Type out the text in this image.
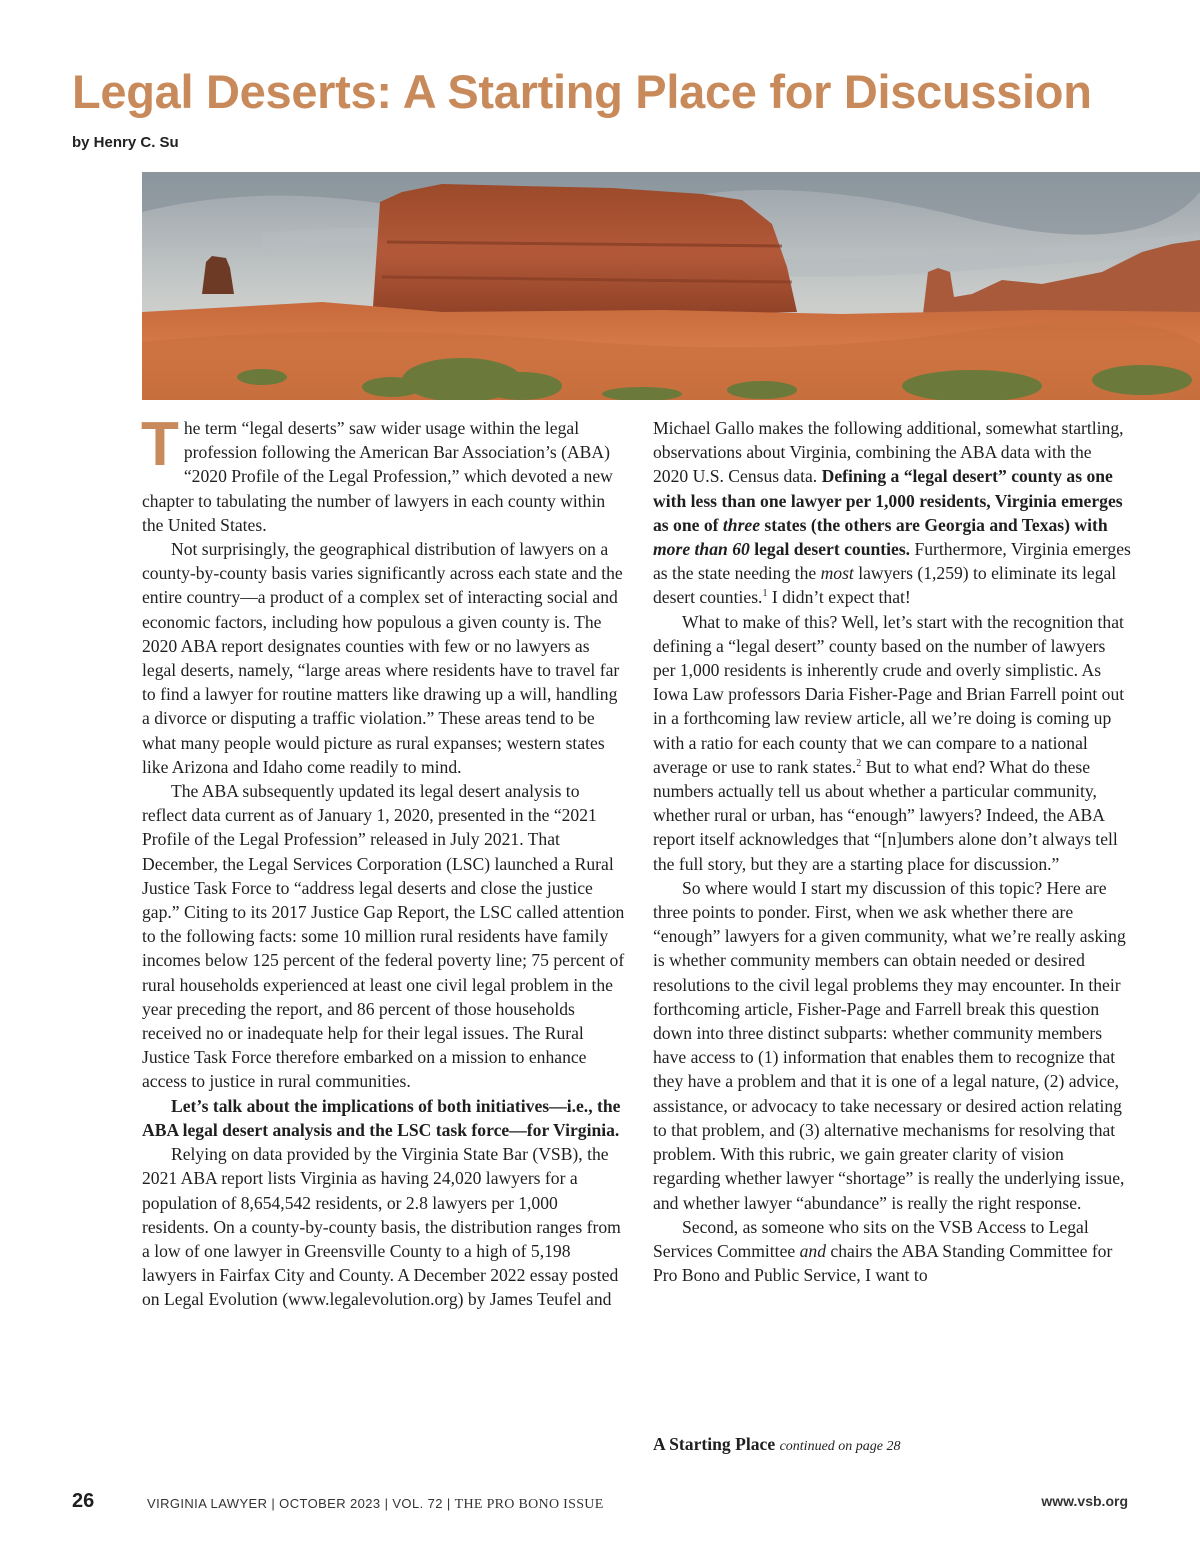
Legal Deserts: A Starting Place for Discussion
by Henry C. Su

The term “legal deserts” saw wider usage within the legal profession following the American Bar Association’s (ABA) “2020 Profile of the Legal Profession,” which devoted a new chapter to tabulating the number of lawyers in each county within the United States.

Not surprisingly, the geographical distribution of lawyers on a county-by-county basis varies significantly across each state and the entire country—a product of a complex set of interacting social and economic factors, including how populous a given county is. The 2020 ABA report designates counties with few or no lawyers as legal deserts, namely, “large areas where residents have to travel far to find a lawyer for routine matters like drawing up a will, handling a divorce or disputing a traffic violation.” These areas tend to be what many people would picture as rural expanses; western states like Arizona and Idaho come readily to mind.

The ABA subsequently updated its legal desert analysis to reflect data current as of January 1, 2020, presented in the “2021 Profile of the Legal Profession” released in July 2021. That December, the Legal Services Corporation (LSC) launched a Rural Justice Task Force to “address legal deserts and close the justice gap.” Citing to its 2017 Justice Gap Report, the LSC called attention to the following facts: some 10 million rural residents have family incomes below 125 percent of the federal poverty line; 75 percent of rural households experienced at least one civil legal problem in the year preceding the report, and 86 percent of those households received no or inadequate help for their legal issues. The Rural Justice Task Force therefore embarked on a mission to enhance access to justice in rural communities.

Let’s talk about the implications of both initiatives—i.e., the ABA legal desert analysis and the LSC task force—for Virginia.

Relying on data provided by the Virginia State Bar (VSB), the 2021 ABA report lists Virginia as having 24,020 lawyers for a population of 8,654,542 residents, or 2.8 lawyers per 1,000 residents. On a county-by-county basis, the distribution ranges from a low of one lawyer in Greensville County to a high of 5,198 lawyers in Fairfax City and County. A December 2022 essay posted on Legal Evolution (www.legalevolution.org) by James Teufel and

Michael Gallo makes the following additional, somewhat startling, observations about Virginia, combining the ABA data with the 2020 U.S. Census data. Defining a “legal desert” county as one with less than one lawyer per 1,000 residents, Virginia emerges as one of three states (the others are Georgia and Texas) with more than 60 legal desert counties. Furthermore, Virginia emerges as the state needing the most lawyers (1,259) to eliminate its legal desert counties.$^1$ I didn’t expect that!

What to make of this? Well, let’s start with the recognition that defining a “legal desert” county based on the number of lawyers per 1,000 residents is inherently crude and overly simplistic. As Iowa Law professors Daria Fisher-Page and Brian Farrell point out in a forthcoming law review article, all we’re doing is coming up with a ratio for each county that we can compare to a national average or use to rank states.$^2$ But to what end? What do these numbers actually tell us about whether a particular community, whether rural or urban, has “enough” lawyers? Indeed, the ABA report itself acknowledges that “[n]umbers alone don’t always tell the full story, but they are a starting place for discussion.”

So where would I start my discussion of this topic? Here are three points to ponder. First, when we ask whether there are “enough” lawyers for a given community, what we’re really asking is whether community members can obtain needed or desired resolutions to the civil legal problems they may encounter. In their forthcoming article, Fisher-Page and Farrell break this question down into three distinct subparts: whether community members have access to (1) information that enables them to recognize that they have a problem and that it is one of a legal nature, (2) advice, assistance, or advocacy to take necessary or desired action relating to that problem, and (3) alternative mechanisms for resolving that problem. With this rubric, we gain greater clarity of vision regarding whether lawyer “shortage” is really the underlying issue, and whether lawyer “abundance” is really the right response.

Second, as someone who sits on the VSB Access to Legal Services Committee and chairs the ABA Standing Committee for Pro Bono and Public Service, I want to

A Starting Place continued on page 28
26	VIRGINIA LAWYER | OCTOBER 2023 | VOL. 72 | THE PRO BONO ISSUE	www.vsb.org
